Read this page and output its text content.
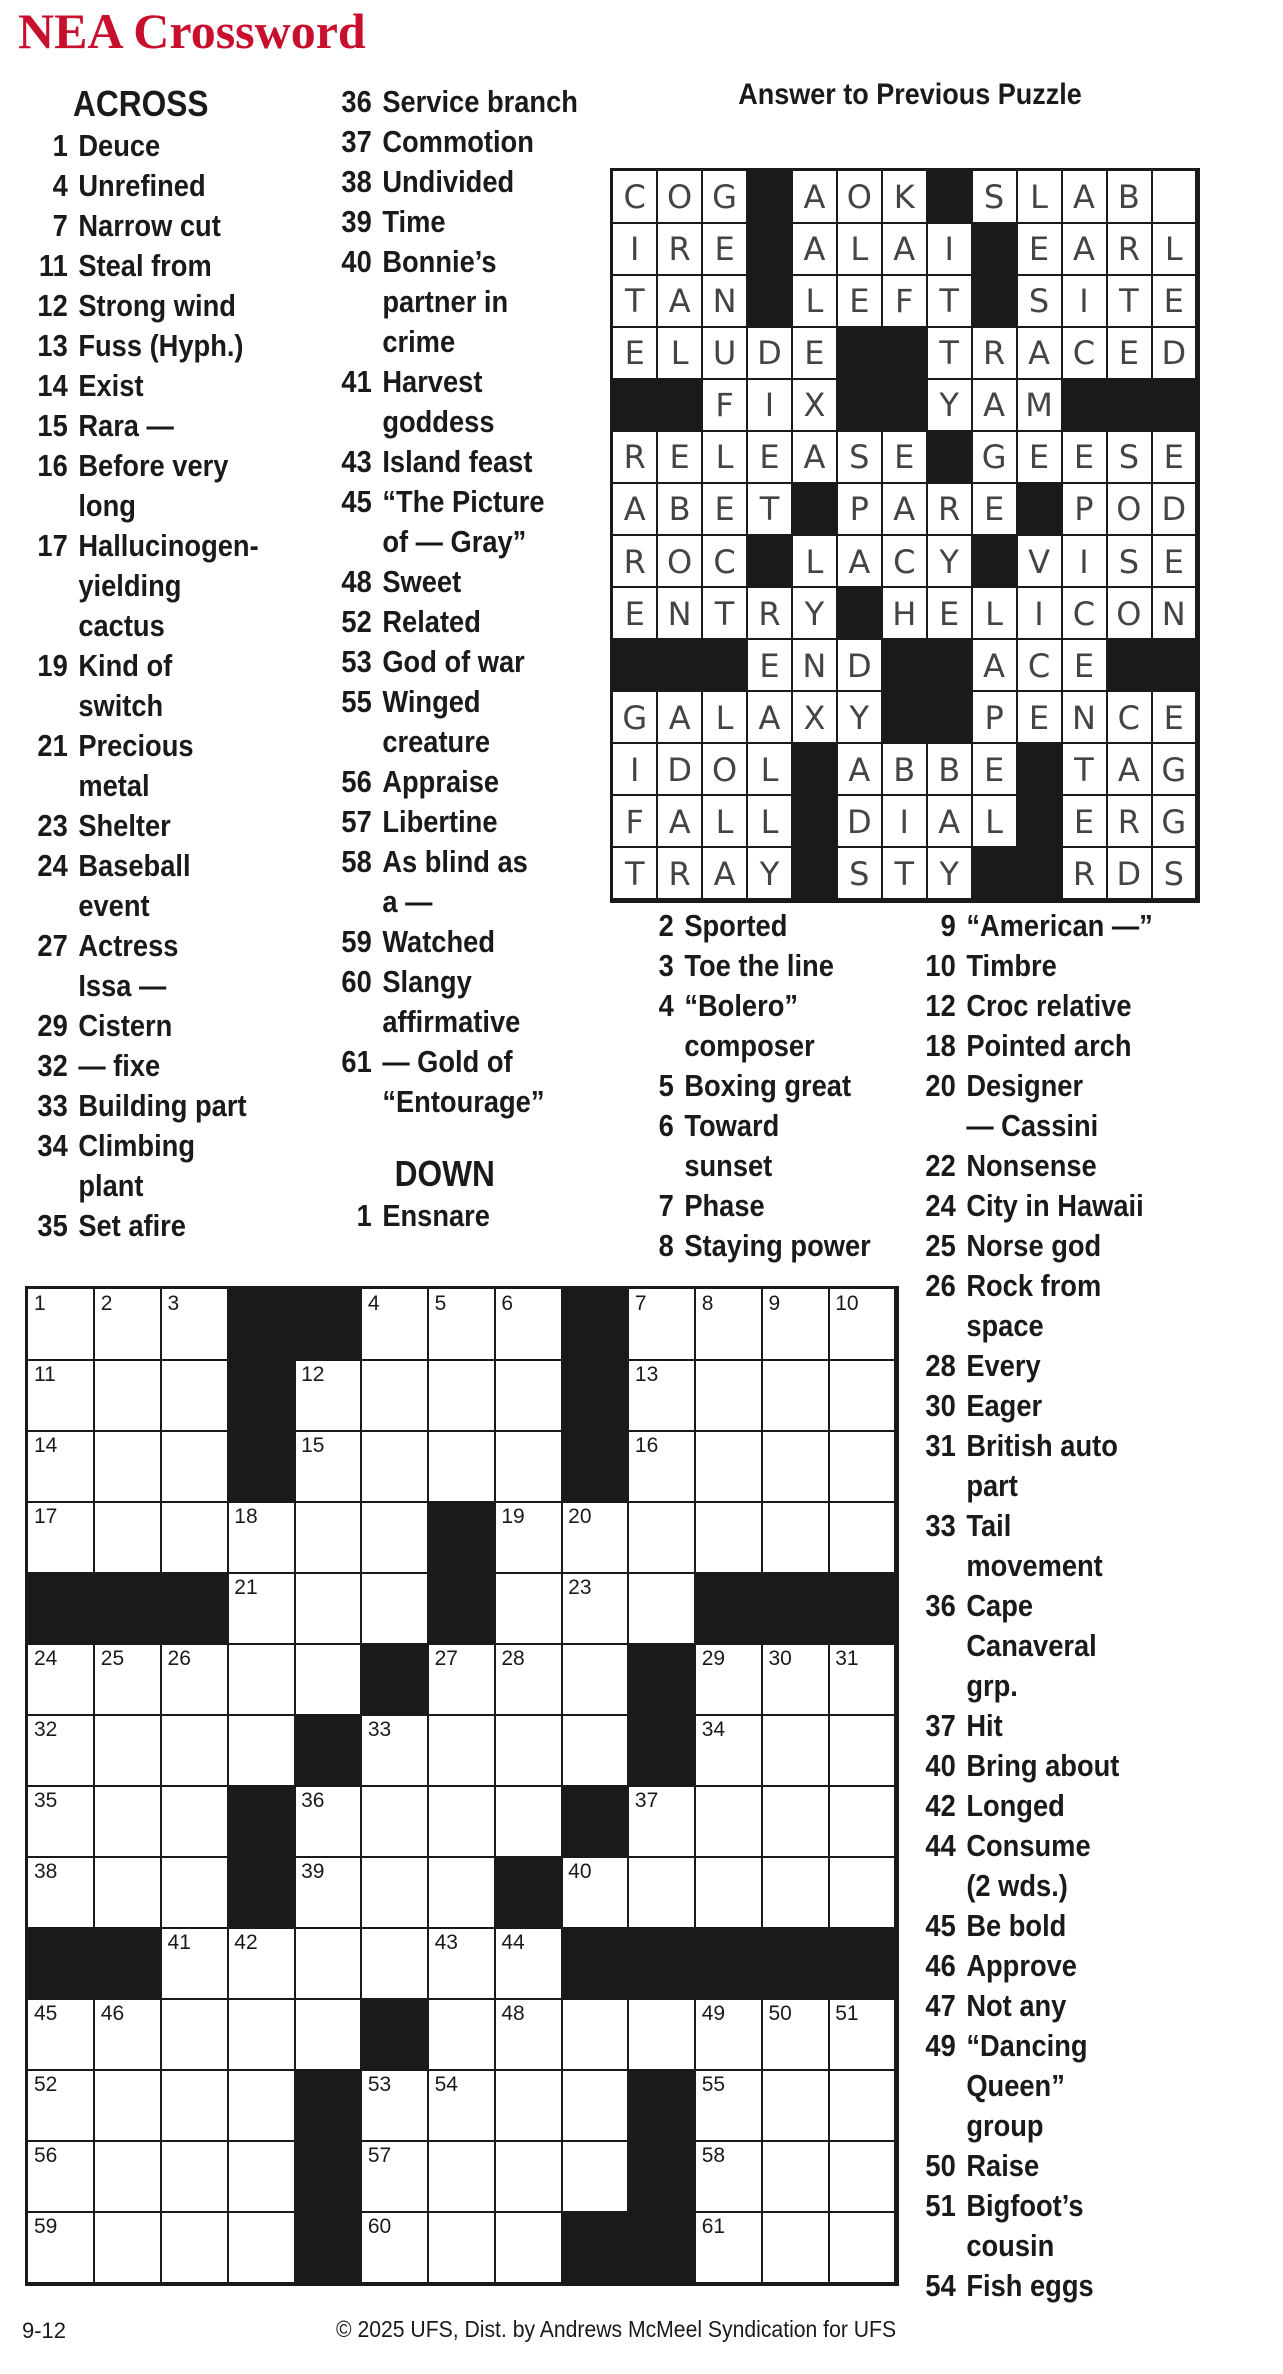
NEA Crossword
ACROSS
1 Deuce
4 Unrefined
7 Narrow cut
11 Steal from
12 Strong wind
13 Fuss (Hyph.)
14 Exist
15 Rara —
16 Before very
long
17 Hallucinogen-
yielding
cactus
19 Kind of
switch
21 Precious
metal
23 Shelter
24 Baseball
event
27 Actress
Issa —
29 Cistern
32 — fixe
33 Building part
34 Climbing
plant
35 Set afire
36 Service branch
37 Commotion
38 Undivided
39 Time
40 Bonnie’s
partner in
crime
41 Harvest
goddess
43 Island feast
45 “The Picture
of — Gray”
48 Sweet
52 Related
53 God of war
55 Winged
creature
56 Appraise
57 Libertine
58 As blind as
a —
59 Watched
60 Slangy
affirmative
61 — Gold of
“Entourage”
DOWN
1 Ensnare
Answer to Previous Puzzle
C O G	A O K	S L A B
I R E	A L A I	E A R L
T A N	L E F T	S I T E
E L U D E	T R A C E D
F I X	Y A M
R E L E A S E	G E E S E
A B E T	P A R E	P O D
R O C	L A C Y	V I S E
E N T R Y	H E L I C O N
E N D	A C E
G A L A X Y	P E N C E
I D O L	A B B E	T A G
F A L L	D I A L	E R G
T R A Y	S T Y	R D S
2 Sported
3 Toe the line
4 “Bolero”
composer
5 Boxing great
6 Toward
sunset
7 Phase
8 Staying power
9 “American —”
10 Timbre
12 Croc relative
18 Pointed arch
20 Designer
— Cassini
22 Nonsense
24 City in Hawaii
25 Norse god
26 Rock from
space
28 Every
30 Eager
31 British auto
part
33 Tail
movement
36 Cape
Canaveral
grp.
37 Hit
40 Bring about
42 Longed
44 Consume
(2 wds.)
45 Be bold
46 Approve
47 Not any
49 “Dancing
Queen”
group
50 Raise
51 Bigfoot’s
cousin
54 Fish eggs
1	2	3	4	5	6	7	8	9	10
11	12	13
14	15	16
17	18	19 20
21	23
24 25 26	27 28	29 30 31
32	33	34
35	36	37
38	39	40
41 42	43 44
45 46	48	49 50 51
52	53 54	55
56	57	58
59	60	61
9-12	© 2025 UFS, Dist. by Andrews McMeel Syndication for UFS
